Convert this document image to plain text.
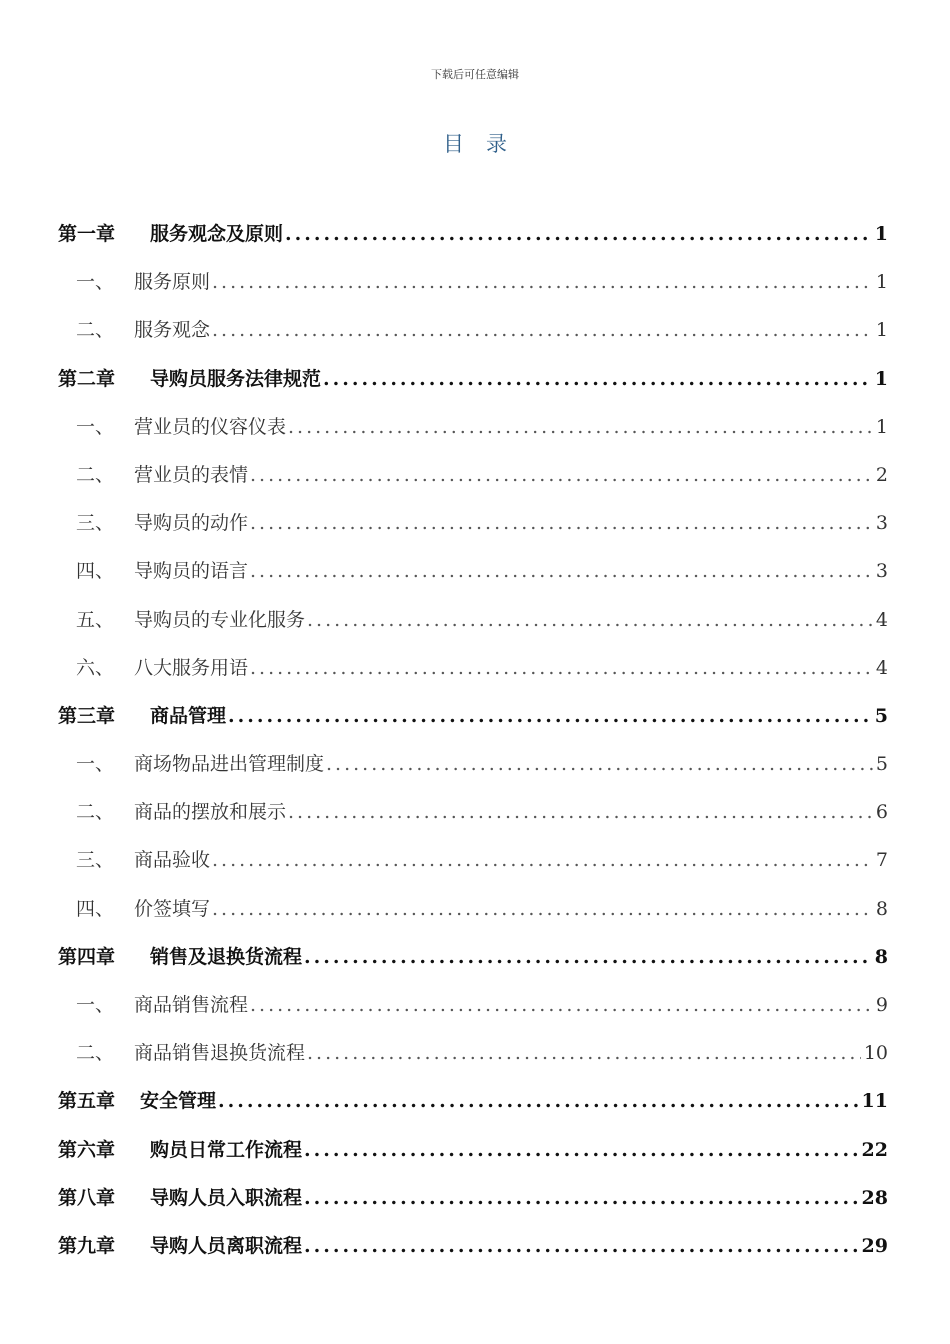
下载后可任意编辑
目录
第一章	服务观念及原则 .....	1
一、	服务原则 .....	1
二、	服务观念 .....	1
第二章	导购员服务法律规范 .....	1
一、	营业员的仪容仪表 .....	1
二、	营业员的表情 .....	2
三、	导购员的动作 .....	3
四、	导购员的语言 .....	3
五、	导购员的专业化服务 .....	4
六、	八大服务用语 .....	4
第三章	商品管理 .....	5
一、	商场物品进出管理制度 .....	5
二、	商品的摆放和展示 .....	6
三、	商品验收 .....	7
四、	价签填写 .....	8
第四章	销售及退换货流程 .....	8
一、	商品销售流程 .....	9
二、	商品销售退换货流程 .....	10
第五章	安全管理 .....	11
第六章	购员日常工作流程 .....	22
第八章	导购人员入职流程 .....	28
第九章	导购人员离职流程 .....	29
